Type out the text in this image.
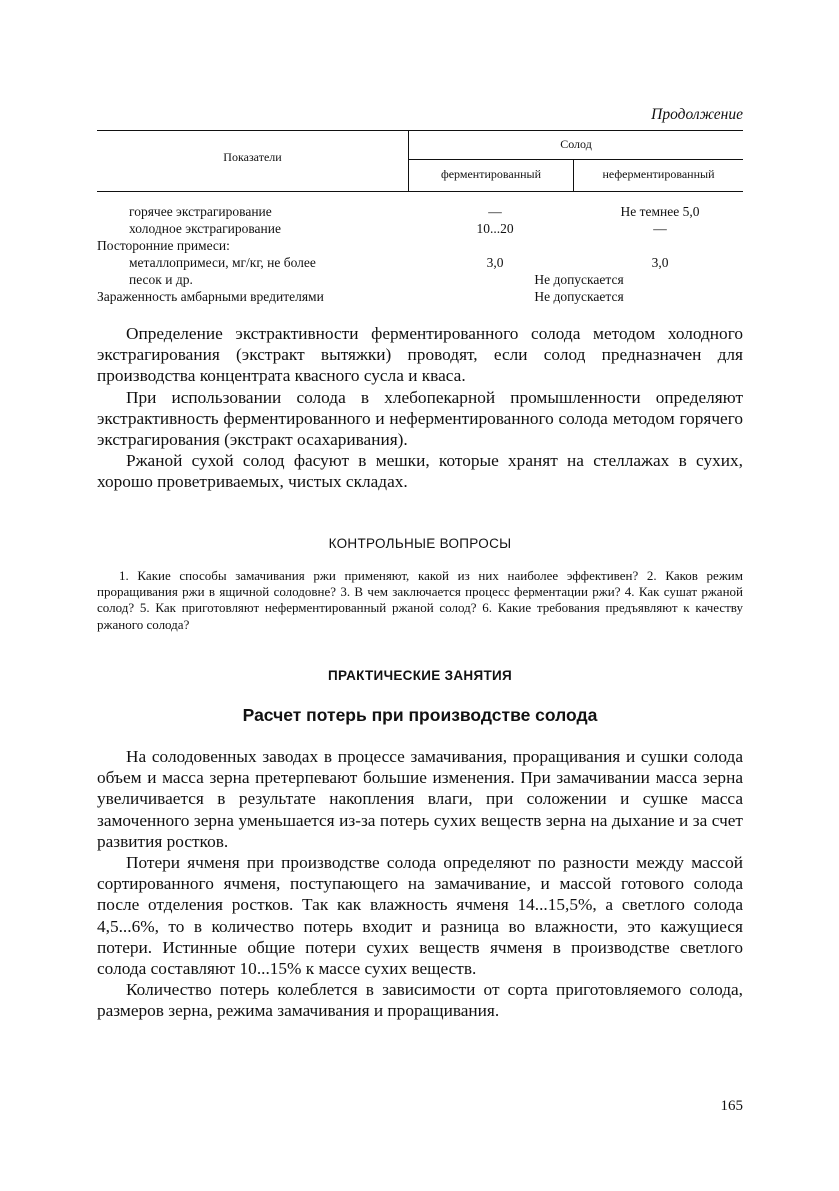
Продолжение
Показатели
Солод
ферментированный	неферментированный
горячее экстрагирование	—	Не темнее 5,0
холодное экстрагирование	10...20	—
Посторонние примеси:
металлопримеси, мг/кг, не более	3,0	3,0
песок и др.	Не допускается
Зараженность амбарными вредителями	Не допускается

Определение экстрактивности ферментированного солода методом холодного экстрагирования (экстракт вытяжки) проводят, если солод предназначен для производства концентрата квасного сусла и кваса.

При использовании солода в хлебопекарной промышленности определяют экстрактивность ферментированного и неферментированного солода методом горячего экстрагирования (экстракт осахаривания).

Ржаной сухой солод фасуют в мешки, которые хранят на стеллажах в сухих, хорошо проветриваемых, чистых складах.

КОНТРОЛЬНЫЕ ВОПРОСЫ

1. Какие способы замачивания ржи применяют, какой из них наиболее эффективен? 2. Каков режим проращивания ржи в ящичной солодовне? 3. В чем заключается процесс ферментации ржи? 4. Как сушат ржаной солод? 5. Как приготовляют неферментированный ржаной солод? 6. Какие требования предъявляют к качеству ржаного солода?

ПРАКТИЧЕСКИЕ ЗАНЯТИЯ
Расчет потерь при производстве солода

На солодовенных заводах в процессе замачивания, проращивания и сушки солода объем и масса зерна претерпевают большие изменения. При замачивании масса зерна увеличивается в результате накопления влаги, при соложении и сушке масса замоченного зерна уменьшается из-за потерь сухих веществ зерна на дыхание и за счет развития ростков.

Потери ячменя при производстве солода определяют по разности между массой сортированного ячменя, поступающего на замачивание, и массой готового солода после отделения ростков. Так как влажность ячменя 14...15,5%, а светлого солода 4,5...6%, то в количество потерь входит и разница во влажности, это кажущиеся потери. Истинные общие потери сухих веществ ячменя в производстве светлого солода составляют 10...15% к массе сухих веществ.

Количество потерь колеблется в зависимости от сорта приготовляемого солода, размеров зерна, режима замачивания и проращивания.

165
